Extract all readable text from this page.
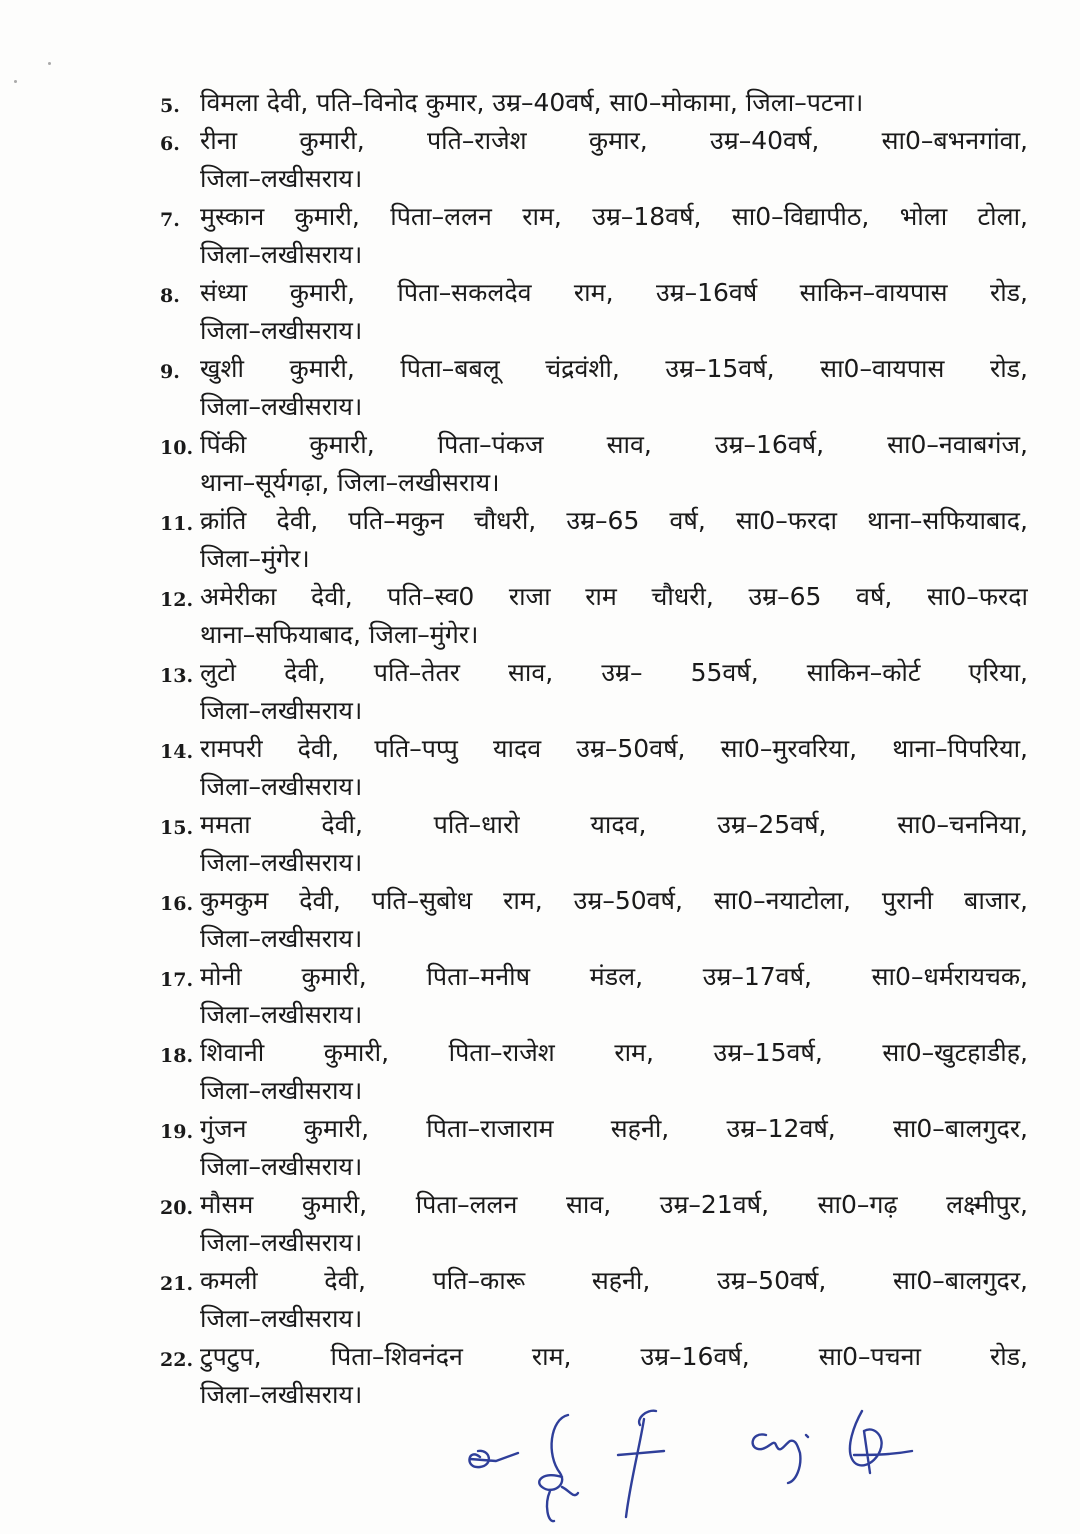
5. विमला देवी, पति–विनोद कुमार, उम्र–40वर्ष, सा0–मोकामा, जिला–पटना।
6. रीना कुमारी, पति–राजेश कुमार, उम्र–40वर्ष, सा0–बभनगांवा,
जिला–लखीसराय।
7. मुस्कान कुमारी, पिता–ललन राम, उम्र–18वर्ष, सा0–विद्यापीठ, भोला टोला,
जिला–लखीसराय।
8. संध्या कुमारी, पिता–सकलदेव राम, उम्र–16वर्ष साकिन–वायपास रोड,
जिला–लखीसराय।
9. खुशी कुमारी, पिता–बबलू चंद्रवंशी, उम्र–15वर्ष, सा0–वायपास रोड,
जिला–लखीसराय।
10. पिंकी कुमारी, पिता–पंकज साव, उम्र–16वर्ष, सा0–नवाबगंज,
थाना–सूर्यगढ़ा, जिला–लखीसराय।
11. क्रांति देवी, पति–मकुन चौधरी, उम्र–65 वर्ष, सा0–फरदा थाना–सफियाबाद,
जिला–मुंगेर।
12. अमेरीका देवी, पति–स्व0 राजा राम चौधरी, उम्र–65 वर्ष, सा0–फरदा
थाना–सफियाबाद, जिला–मुंगेर।
13. लुटो देवी, पति–तेतर साव, उम्र– 55वर्ष, साकिन–कोर्ट एरिया,
जिला–लखीसराय।
14. रामपरी देवी, पति–पप्पु यादव उम्र–50वर्ष, सा0–मुरवरिया, थाना–पिपरिया,
जिला–लखीसराय।
15. ममता देवी, पति–धारो यादव, उम्र–25वर्ष, सा0–चननिया,
जिला–लखीसराय।
16. कुमकुम देवी, पति–सुबोध राम, उम्र–50वर्ष, सा0–नयाटोला, पुरानी बाजार,
जिला–लखीसराय।
17. मोनी कुमारी, पिता–मनीष मंडल, उम्र–17वर्ष, सा0–धर्मरायचक,
जिला–लखीसराय।
18. शिवानी कुमारी, पिता–राजेश राम, उम्र–15वर्ष, सा0–खुटहाडीह,
जिला–लखीसराय।
19. गुंजन कुमारी, पिता–राजाराम सहनी, उम्र–12वर्ष, सा0–बालगुदर,
जिला–लखीसराय।
20. मौसम कुमारी, पिता–ललन साव, उम्र–21वर्ष, सा0–गढ़ लक्ष्मीपुर,
जिला–लखीसराय।
21. कमली देवी, पति–कारू सहनी, उम्र–50वर्ष, सा0–बालगुदर,
जिला–लखीसराय।
22. टुपटुप, पिता–शिवनंदन राम, उम्र–16वर्ष, सा0–पचना रोड,
जिला–लखीसराय।
